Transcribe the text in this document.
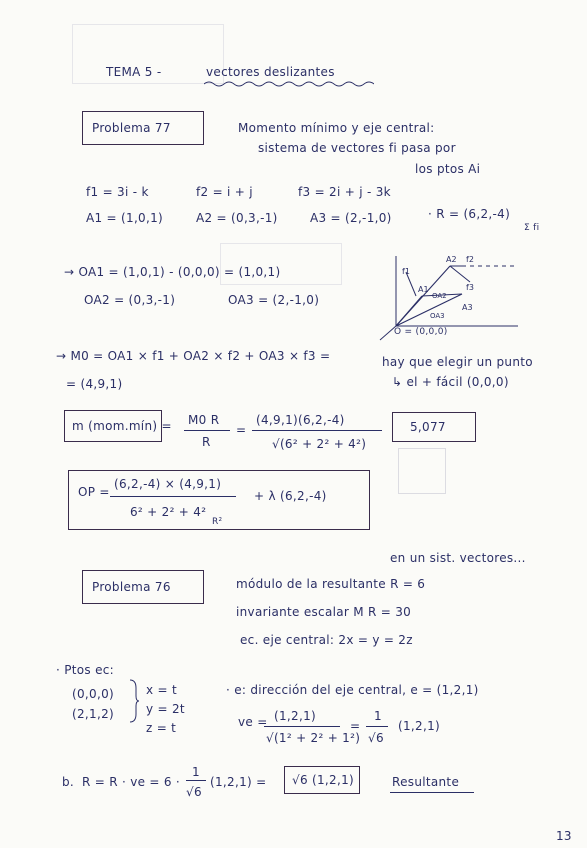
TEMA 5 -	vectores deslizantes
Problema 77	Momento mínimo y eje central:
sistema de vectores fi pasa por
los ptos Ai
f1 = 3i - k	f2 = i + j	f3 = 2i + j - 3k
A1 = (1,0,1)	A2 = (0,3,-1)	A3 = (2,-1,0)	· R = (6,2,-4)
Σ fi
→ OA1 = (1,0,1) - (0,0,0) = (1,0,1)
OA2 = (0,3,-1)	OA3 = (2,-1,0)
→ M0 = OA1 × f1 + OA2 × f2 + OA3 × f3 =
= (4,9,1)
f1
A2 f2
A1
OA2
f3
A3
OA3
O = (0,0,0)
hay que elegir un punto
↳ el + fácil (0,0,0)
m (mom.mín) = M0 R
R
=
(4,9,1)(6,2,-4)
√(6² + 2² + 4²)
5,077
OP =
(6,2,-4) × (4,9,1)
6² + 2² + 4²
R²
+ λ (6,2,-4)
en un sist. vectores...
Problema 76	módulo de la resultante R = 6
invariante escalar M R = 30
ec. eje central: 2x = y = 2z
· Ptos ec:
(0,0,0)
(2,1,2)
x = t
y = 2t
z = t
· e: dirección del eje central, e = (1,2,1)
ve = (1,2,1)
√(1² + 2² + 1²)
=
1
√6
(1,2,1)
b. R = R · ve = 6 ·
1
√6
(1,2,1) = √6 (1,2,1)	Resultante
13
